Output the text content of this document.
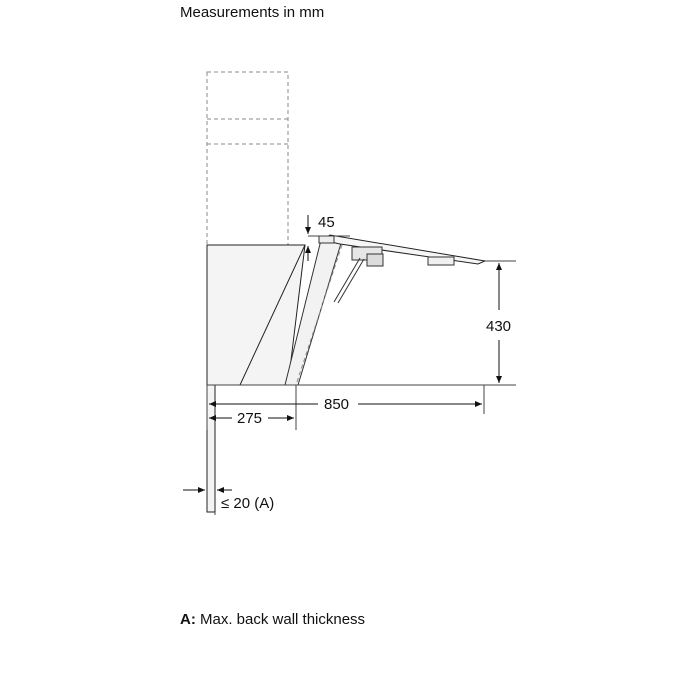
Measurements in mm
45
430
850
275
≤ 20 (A)
A: Max. back wall thickness
